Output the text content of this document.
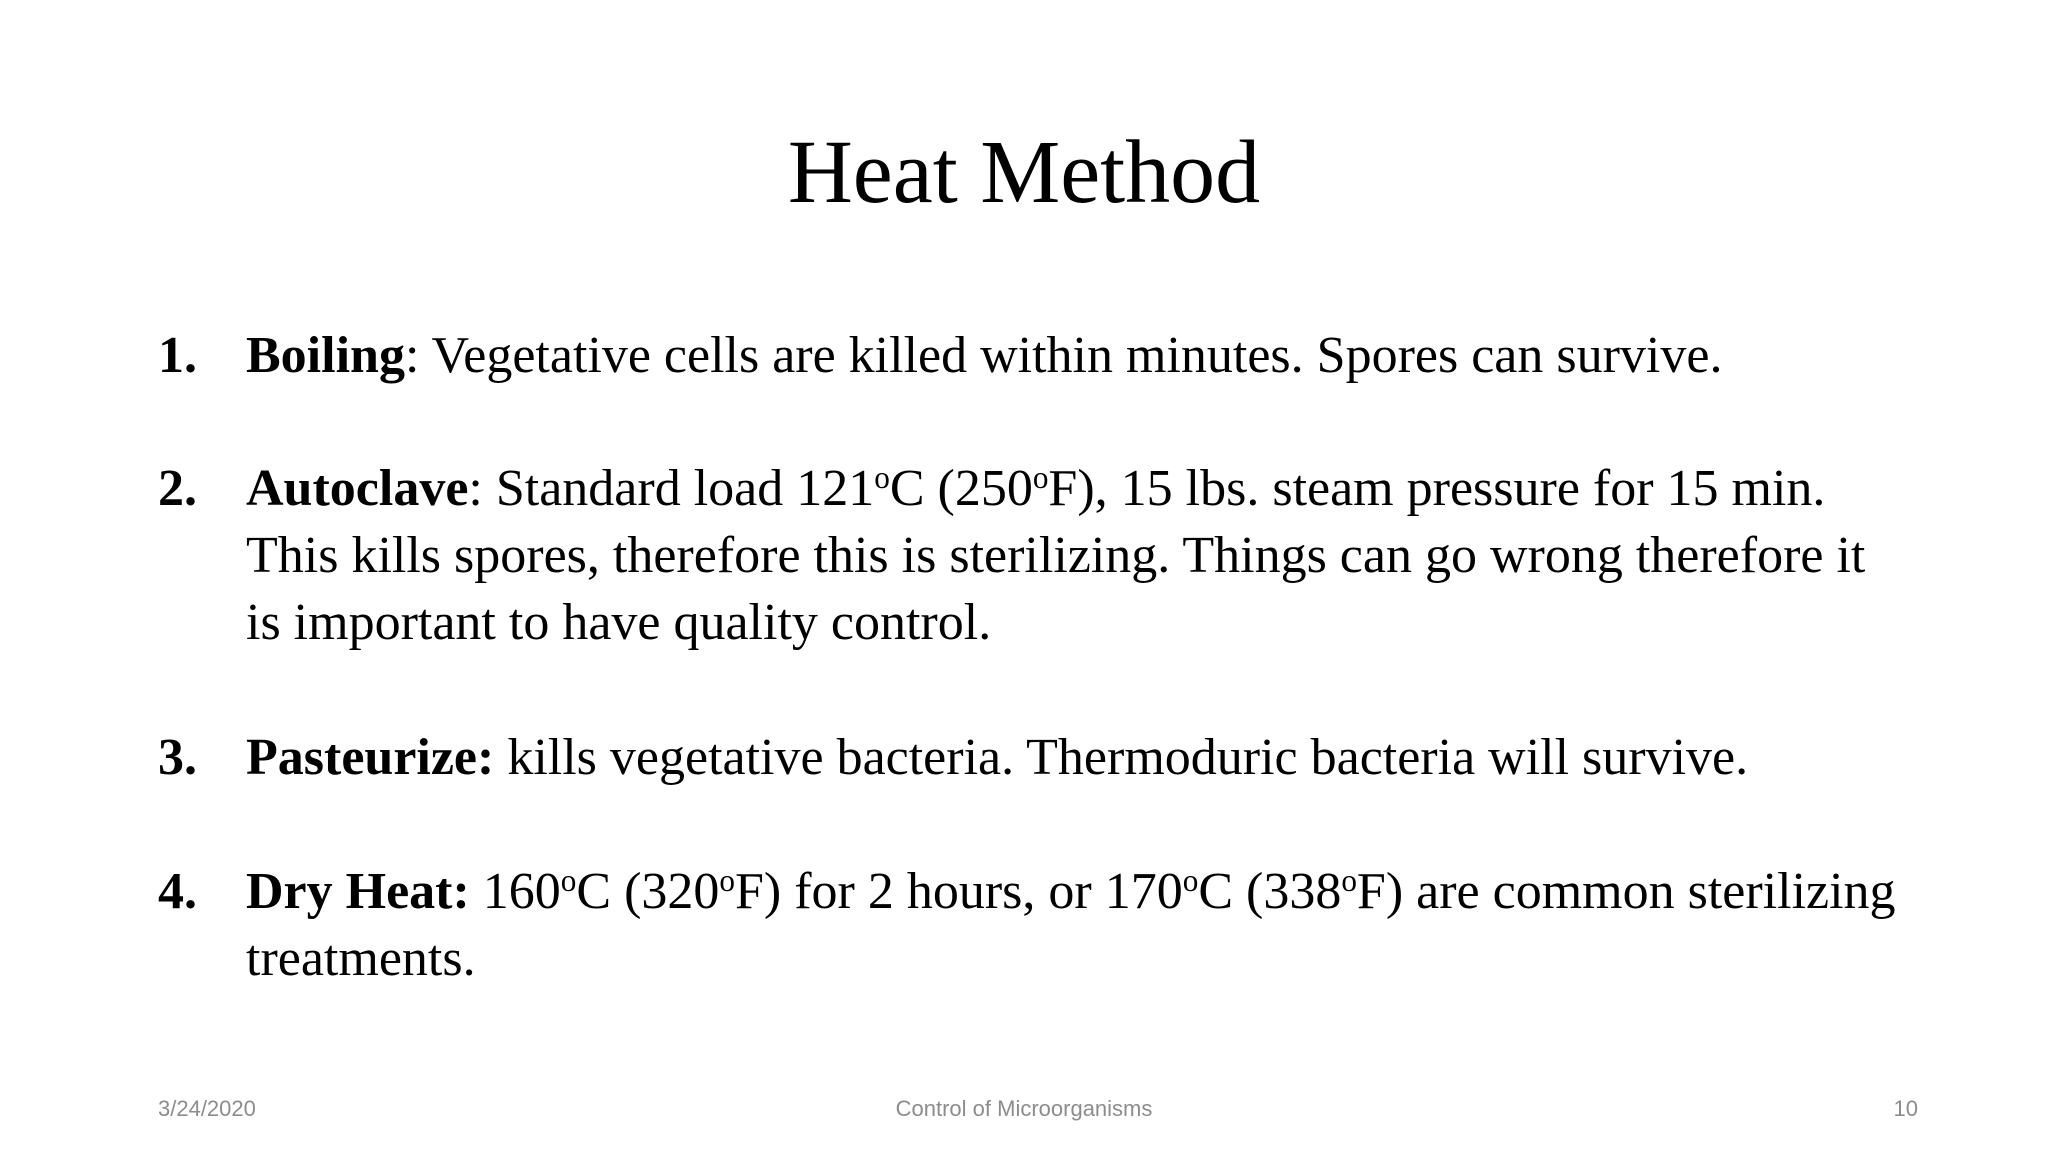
Heat Method
1. Boiling: Vegetative cells are killed within minutes. Spores can survive.
2. Autoclave: Standard load 121$^o$C (250$^o$F), 15 lbs. steam pressure for 15 min. This kills spores, therefore this is sterilizing. Things can go wrong therefore it is important to have quality control.
3. Pasteurize: kills vegetative bacteria. Thermoduric bacteria will survive.
4. Dry Heat: 160$^o$C (320$^o$F) for 2 hours, or 170$^o$C (338$^o$F) are common sterilizing treatments.
3/24/2020	Control of Microorganisms	10
